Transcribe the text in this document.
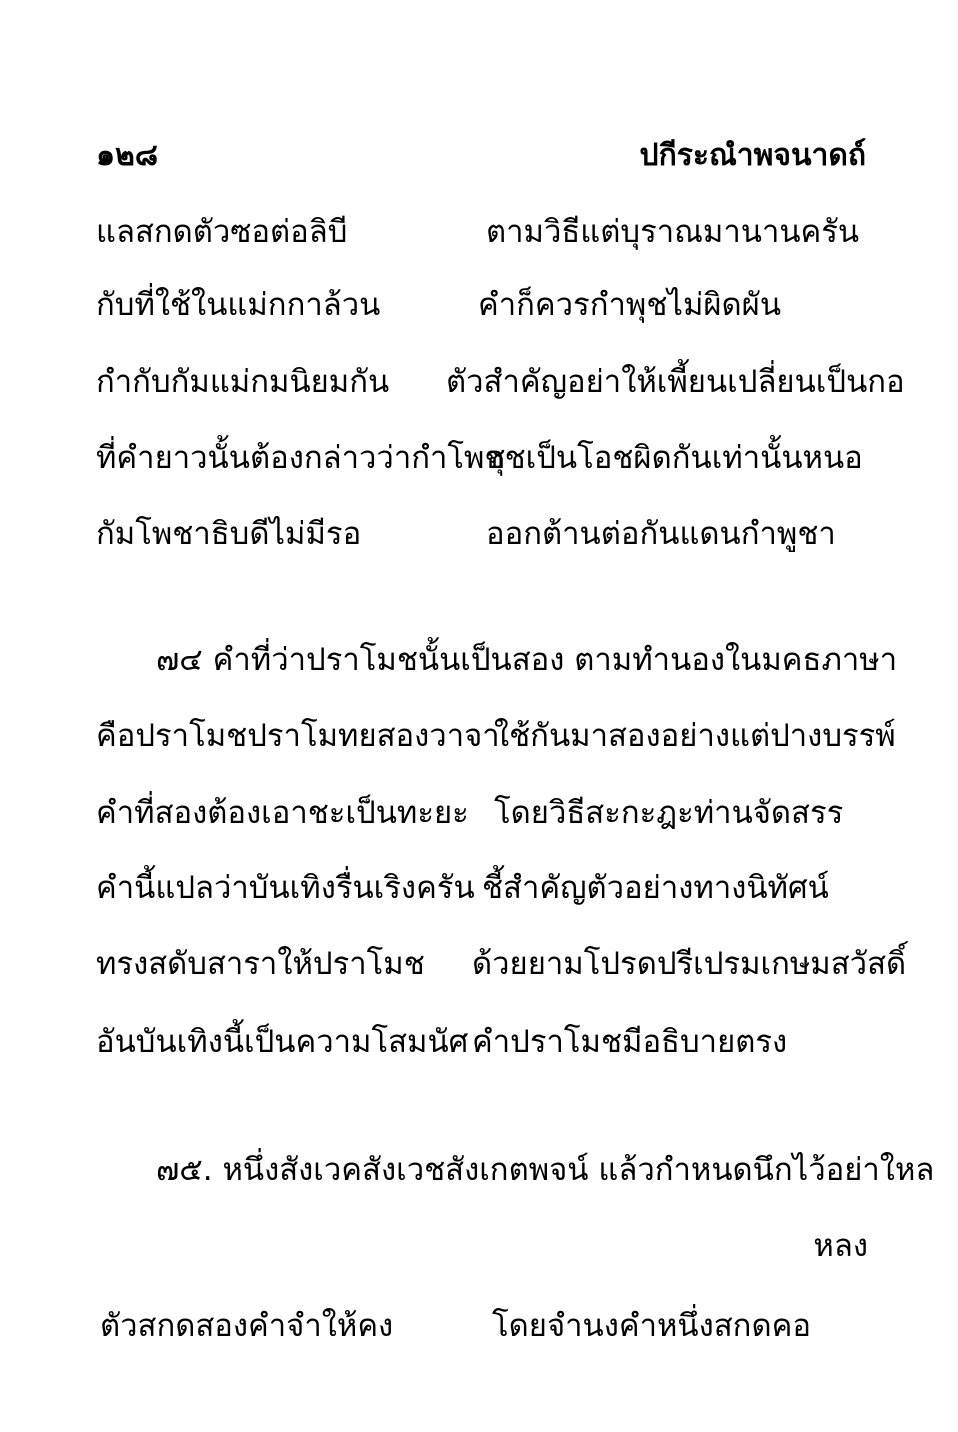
๑๒๘	ปกีระณำพจนาดถ์
แลสกดตัวซอต่อลิบี	ตามวิธีแต่บุราณมานานครัน
กับที่ใช้ในแม่กกาล้วน	คำก็ควรกำพุชไม่ผิดผัน
กำกับกัมแม่กมนิยมกัน ตัวสำคัญอย่าให้เพี้ยนเปลี่ยนเป็นกอ
ที่คำยาวนั้นต้องกล่าวว่ากำโพช
อุชเป็นโอชผิดกันเท่านั้นหนอ
กัมโพชาธิบดีไม่มีรอ	ออกต้านต่อกันแดนกำพูชา
๗๔ คำที่ว่าปราโมชนั้นเป็นสอง ตามทำนองในมคธภาษา
คือปราโมชปราโมทยสองวาจา
ใช้กันมาสองอย่างแต่ปางบรรพ์
คำที่สองต้องเอาชะเป็นทะยะ โดยวิธีสะกะฎะท่านจัดสรร
คำนี้แปลว่าบันเทิงรื่นเริงครัน ชี้สำคัญตัวอย่างทางนิทัศน์
ทรงสดับสาราให้ปราโมช ด้วยยามโปรดปรีเปรมเกษมสวัสดิ์
อันบันเทิงนี้เป็นความโสมนัศ คำปราโมชมีอธิบายตรง
๗๕. หนึ่งสังเวคสังเวชสังเกตพจน์ แล้วกำหนดนึกไว้อย่าใหล
หลง
ตัวสกดสองคำจำให้คง	โดยจำนงคำหนึ่งสกดคอ
